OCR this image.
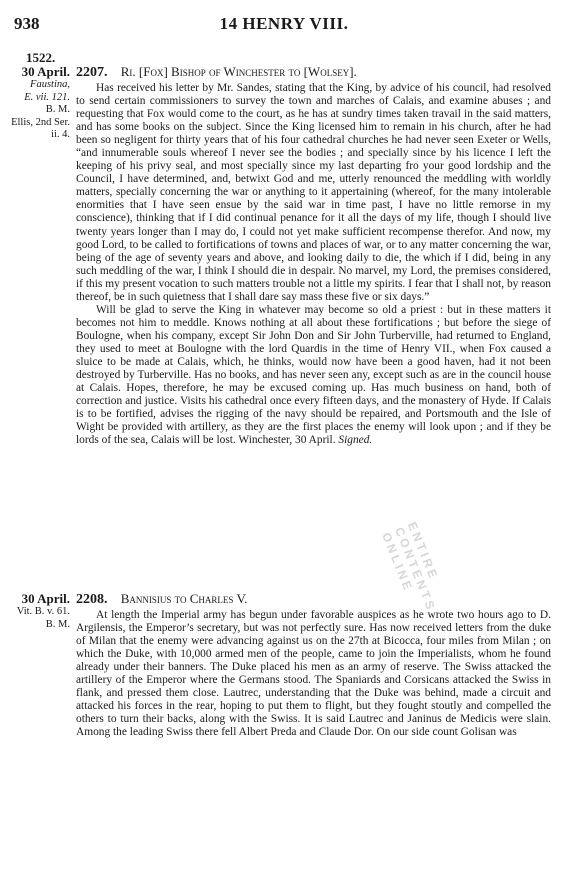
938	14 HENRY VIII.
1522.
30 April.
Faustina,
E. vii. 121.
B. M.
Ellis, 2nd Ser.
ii. 4.
2207. Ri. [Fox] Bishop of Winchester to [Wolsey].

Has received his letter by Mr. Sandes, stating that the King, by advice of his council, had resolved to send certain commissioners to survey the town and marches of Calais, and examine abuses ; and requesting that Fox would come to the court, as he has at sundry times taken travail in the said matters, and has some books on the subject. Since the King licensed him to remain in his church, after he had been so negligent for thirty years that of his four cathedral churches he had never seen Exeter or Wells, “and innumerable souls whereof I never see the bodies ; and specially since by his licence I left the keeping of his privy seal, and most specially since my last departing fro your good lordship and the Council, I have determined, and, betwixt God and me, utterly renounced the meddling with worldly matters, specially concerning the war or anything to it appertaining (whereof, for the many intolerable enormities that I have seen ensue by the said war in time past, I have no little remorse in my conscience), thinking that if I did continual penance for it all the days of my life, though I should live twenty years longer than I may do, I could not yet make sufficient recompense therefor. And now, my good Lord, to be called to fortifications of towns and places of war, or to any matter concerning the war, being of the age of seventy years and above, and looking daily to die, the which if I did, being in any such meddling of the war, I think I should die in despair. No marvel, my Lord, the premises considered, if this my present vocation to such matters trouble not a little my spirits. I fear that I shall not, by reason thereof, be in such quietness that I shall dare say mass these five or six days.”

Will be glad to serve the King in whatever may become so old a priest : but in these matters it becomes not him to meddle. Knows nothing at all about these fortifications ; but before the siege of Boulogne, when his company, except Sir John Don and Sir John Turberville, had returned to England, they used to meet at Boulogne with the lord Quardis in the time of Henry VII., when Fox caused a sluice to be made at Calais, which, he thinks, would now have been a good haven, had it not been destroyed by Turberville. Has no books, and has never seen any, except such as are in the council house at Calais. Hopes, therefore, he may be excused coming up. Has much business on hand, both of correction and justice. Visits his cathedral once every fifteen days, and the monastery of Hyde. If Calais is to be fortified, advises the rigging of the navy should be repaired, and Portsmouth and the Isle of Wight be provided with artillery, as they are the first places the enemy will look upon ; and if they be lords of the sea, Calais will be lost. Winchester, 30 April. Signed.

30 April.
Vit. B. v. 61.
B. M.
2208. Bannisius to Charles V.

At length the Imperial army has begun under favorable auspices as he wrote two hours ago to D. Argilensis, the Emperor’s secretary, but was not perfectly sure. Has now received letters from the duke of Milan that the enemy were advancing against us on the 27th at Bicocca, four miles from Milan ; on which the Duke, with 10,000 armed men of the people, came to join the Imperialists, whom he found already under their banners. The Duke placed his men as an army of reserve. The Swiss attacked the artillery of the Emperor where the Germans stood. The Spaniards and Corsicans attacked the Swiss in flank, and pressed them close. Lautrec, understanding that the Duke was behind, made a circuit and attacked his forces in the rear, hoping to put them to flight, but they fought stoutly and compelled the others to turn their backs, along with the Swiss. It is said Lautrec and Janinus de Medicis were slain. Among the leading Swiss there fell Albert Preda and Claude Dor. On our side count Golisan was

ENTIRE CONTENTS ONLINE
